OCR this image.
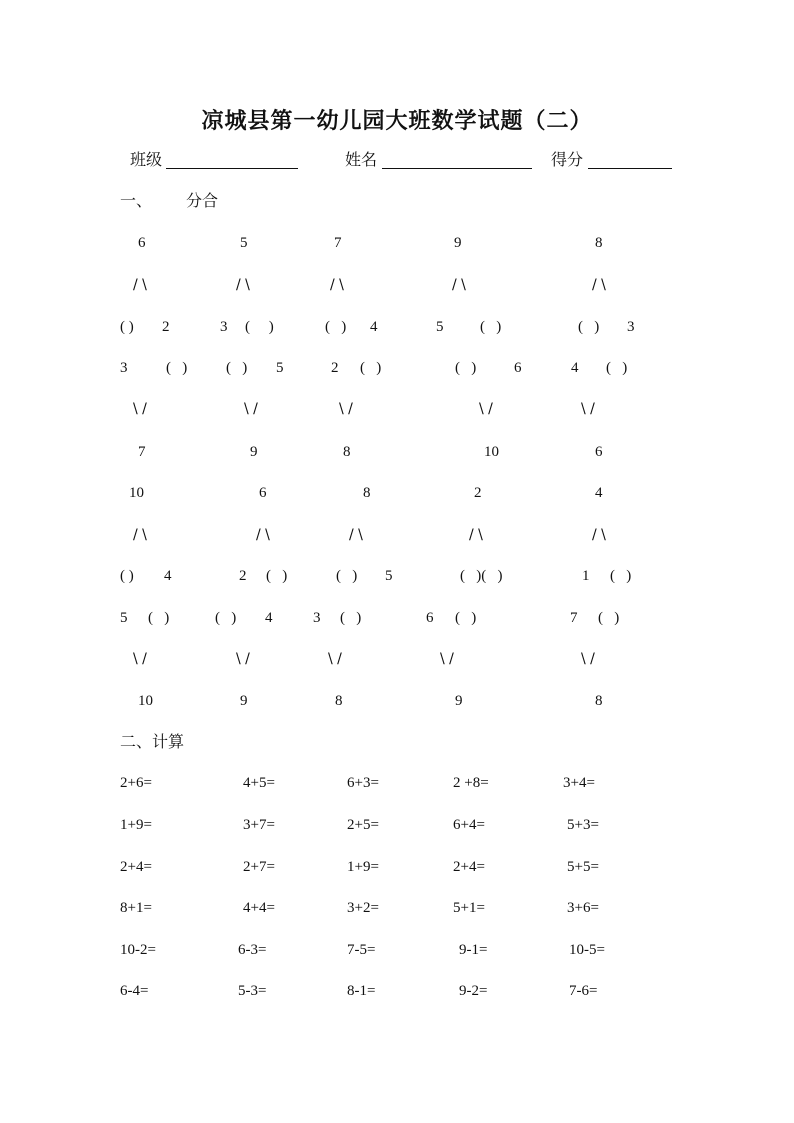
凉城县第一幼儿园大班数学试题（二）
班级	姓名	得分
一、 分合
6	5	7	9	8
/ \	/ \	/ \	/ \	/ \
( ) 2	3 (     )	(   ) 4	5 (   )	(   ) 3
3	(   )	(   ) 5	2 (   )	(   )	6	4 (   )
\ /	\ /	\ /	\ /	\ /
7	9	8	10	6
10	6	8	2	4
/ \	/ \	/ \	/ \	/ \
( ) 4	2 (   )	(   ) 5	(   )(   )	1 (   )
5 (   )	(   ) 4	3 (   )	6 (   )	7 (   )
\ /	\ /	\ /	\ /	\ /
10	9	8	9	8
二、计算
2+6=	4+5=	6+3=	2 +8=	3+4=
1+9=	3+7=	2+5=	6+4=	5+3=
2+4=	2+7=	1+9=	2+4=	5+5=
8+1=	4+4=	3+2=	5+1=	3+6=
10-2=	6-3=	7-5=	9-1=	10-5=
6-4=	5-3=	8-1=	9-2=	7-6=
